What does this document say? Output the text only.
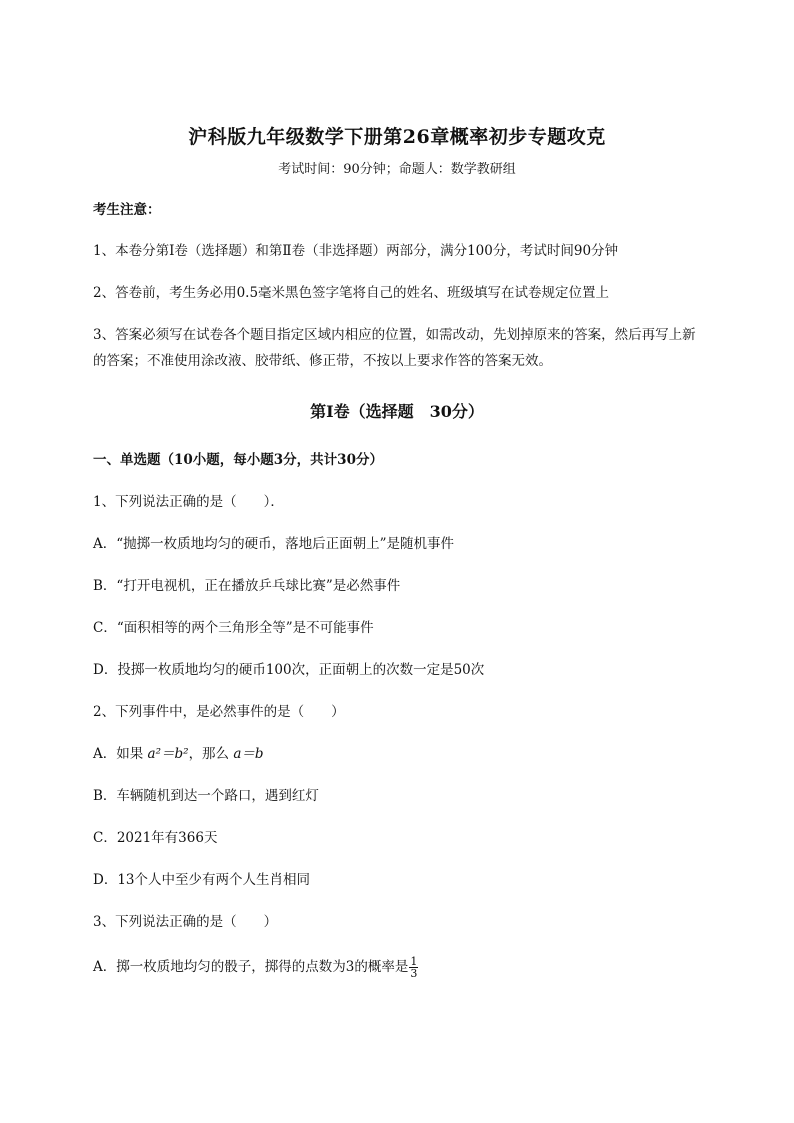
沪科版九年级数学下册第26章概率初步专题攻克
考试时间：90分钟；命题人：数学教研组
考生注意：
1、本卷分第I卷（选择题）和第Ⅱ卷（非选择题）两部分，满分100分，考试时间90分钟
2、答卷前，考生务必用0.5毫米黑色签字笔将自己的姓名、班级填写在试卷规定位置上
3、答案必须写在试卷各个题目指定区域内相应的位置，如需改动，先划掉原来的答案，然后再写上新
的答案；不准使用涂改液、胶带纸、修正带，不按以上要求作答的答案无效。
第I卷（选择题　30分）
一、单选题（10小题，每小题3分，共计30分）
1、下列说法正确的是（　　）．
A．“抛掷一枚质地均匀的硬币，落地后正面朝上”是随机事件
B．“打开电视机，正在播放乒乓球比赛”是必然事件
C．“面积相等的两个三角形全等”是不可能事件
D．投掷一枚质地均匀的硬币100次，正面朝上的次数一定是50次
2、下列事件中，是必然事件的是（　　）
A．如果 a²＝b²，那么 a＝b
B．车辆随机到达一个路口，遇到红灯
C．2021年有366天
D．13个人中至少有两个人生肖相同
3、下列说法正确的是（　　）
A．掷一枚质地均匀的骰子，掷得的点数为3的概率是 $\frac{1}{3}$
